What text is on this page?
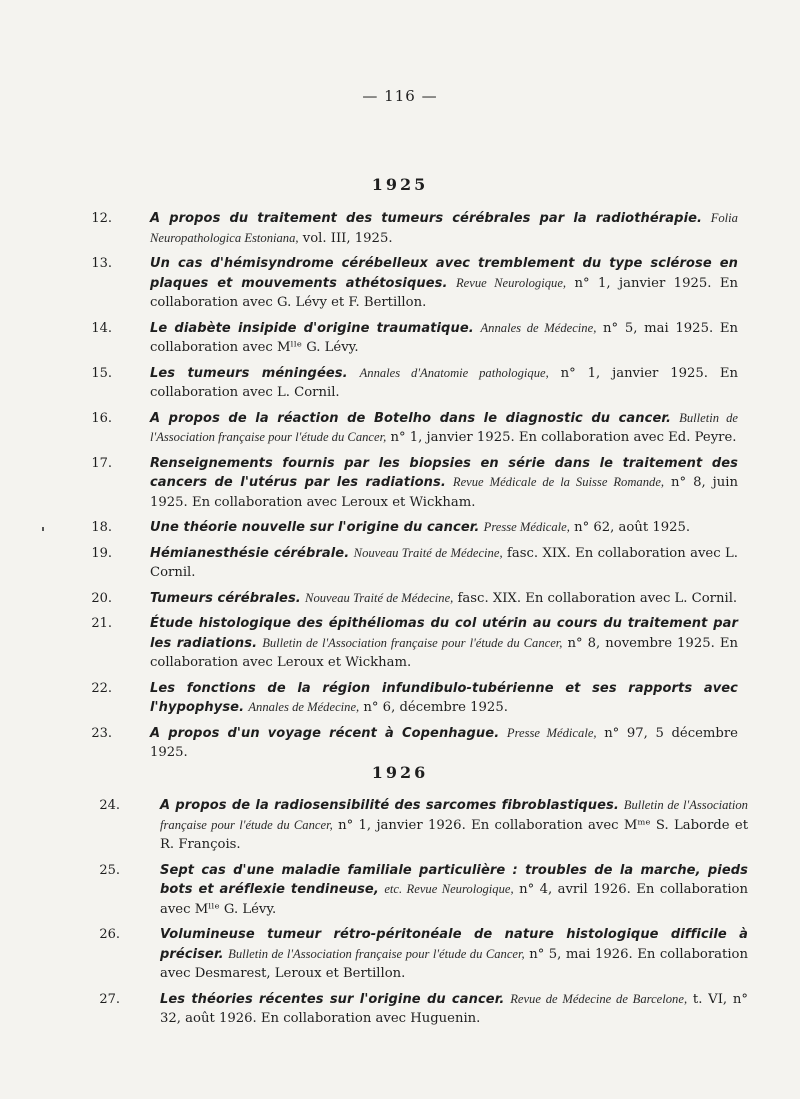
— 116 —
1925
12.	A propos du traitement des tumeurs cérébrales par la radiothérapie. Folia Neuropathologica Estoniana, vol. III, 1925.
13.	Un cas d'hémisyndrome cérébelleux avec tremblement du type sclérose en plaques et mouvements athétosiques. Revue Neurologique, n° 1, janvier 1925. En collaboration avec G. Lévy et F. Bertillon.
14.	Le diabète insipide d'origine traumatique. Annales de Médecine, n° 5, mai 1925. En collaboration avec Mˡˡᵉ G. Lévy.
15.	Les tumeurs méningées. Annales d'Anatomie pathologique, n° 1, janvier 1925. En collaboration avec L. Cornil.
16.	A propos de la réaction de Botelho dans le diagnostic du cancer. Bulletin de l'Association française pour l'étude du Cancer, n° 1, janvier 1925. En collaboration avec Ed. Peyre.
17.	Renseignements fournis par les biopsies en série dans le traitement des cancers de l'utérus par les radiations. Revue Médicale de la Suisse Romande, n° 8, juin 1925. En collaboration avec Leroux et Wickham.
18.	Une théorie nouvelle sur l'origine du cancer. Presse Médicale, n° 62, août 1925.
19.	Hémianesthésie cérébrale. Nouveau Traité de Médecine, fasc. XIX. En collaboration avec L. Cornil.
20.	Tumeurs cérébrales. Nouveau Traité de Médecine, fasc. XIX. En collaboration avec L. Cornil.
21.	Étude histologique des épithéliomas du col utérin au cours du traitement par les radiations. Bulletin de l'Association française pour l'étude du Cancer, n° 8, novembre 1925. En collaboration avec Leroux et Wickham.
22.	Les fonctions de la région infundibulo-tubérienne et ses rapports avec l'hypophyse. Annales de Médecine, n° 6, décembre 1925.
23.	A propos d'un voyage récent à Copenhague. Presse Médicale, n° 97, 5 décembre 1925.
1926
24.	A propos de la radiosensibilité des sarcomes fibroblastiques. Bulletin de l'Association française pour l'étude du Cancer, n° 1, janvier 1926. En collaboration avec Mᵐᵉ S. Laborde et R. François.
25.	Sept cas d'une maladie familiale particulière : troubles de la marche, pieds bots et aréflexie tendineuse, etc. Revue Neurologique, n° 4, avril 1926. En collaboration avec Mˡˡᵉ G. Lévy.
26.	Volumineuse tumeur rétro-péritonéale de nature histologique difficile à préciser. Bulletin de l'Association française pour l'étude du Cancer, n° 5, mai 1926. En collaboration avec Desmarest, Leroux et Bertillon.
27.	Les théories récentes sur l'origine du cancer. Revue de Médecine de Barcelone, t. VI, n° 32, août 1926. En collaboration avec Huguenin.
